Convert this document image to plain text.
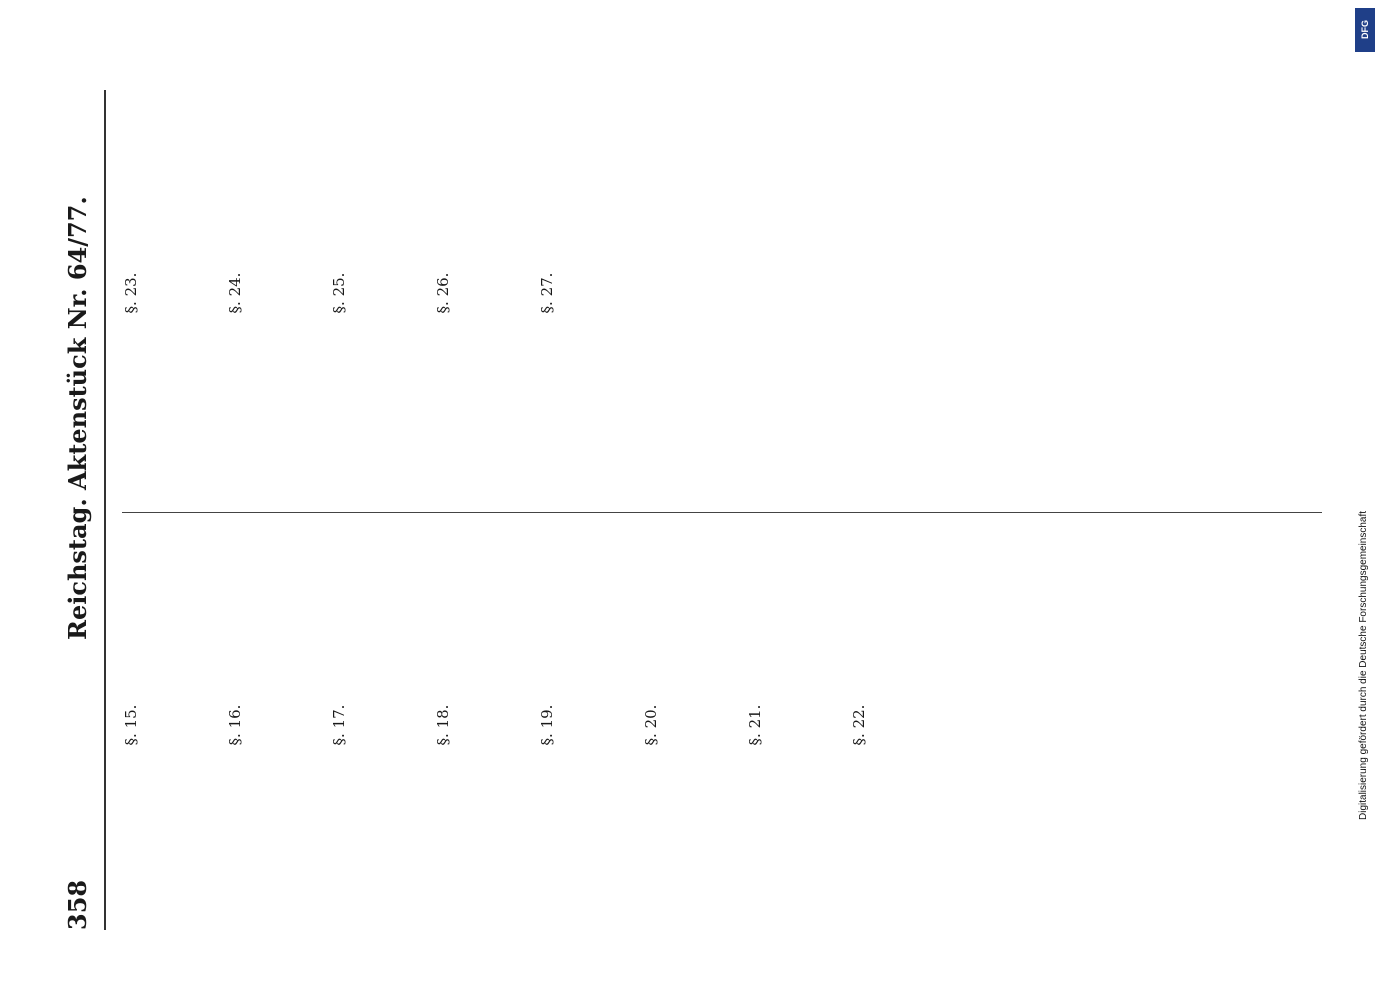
358
Reichstag. Aktenstück Nr. 64/77.
§. 15.	§. 16.	§. 17.	§. 18.	§. 19.	§. 20.	§. 21.	§. 22.
§. 23.	§. 24.	§. 25.	§. 26.	§. 27.
DFG
Digitalisierung gefördert durch die Deutsche Forschungsgemeinschaft
